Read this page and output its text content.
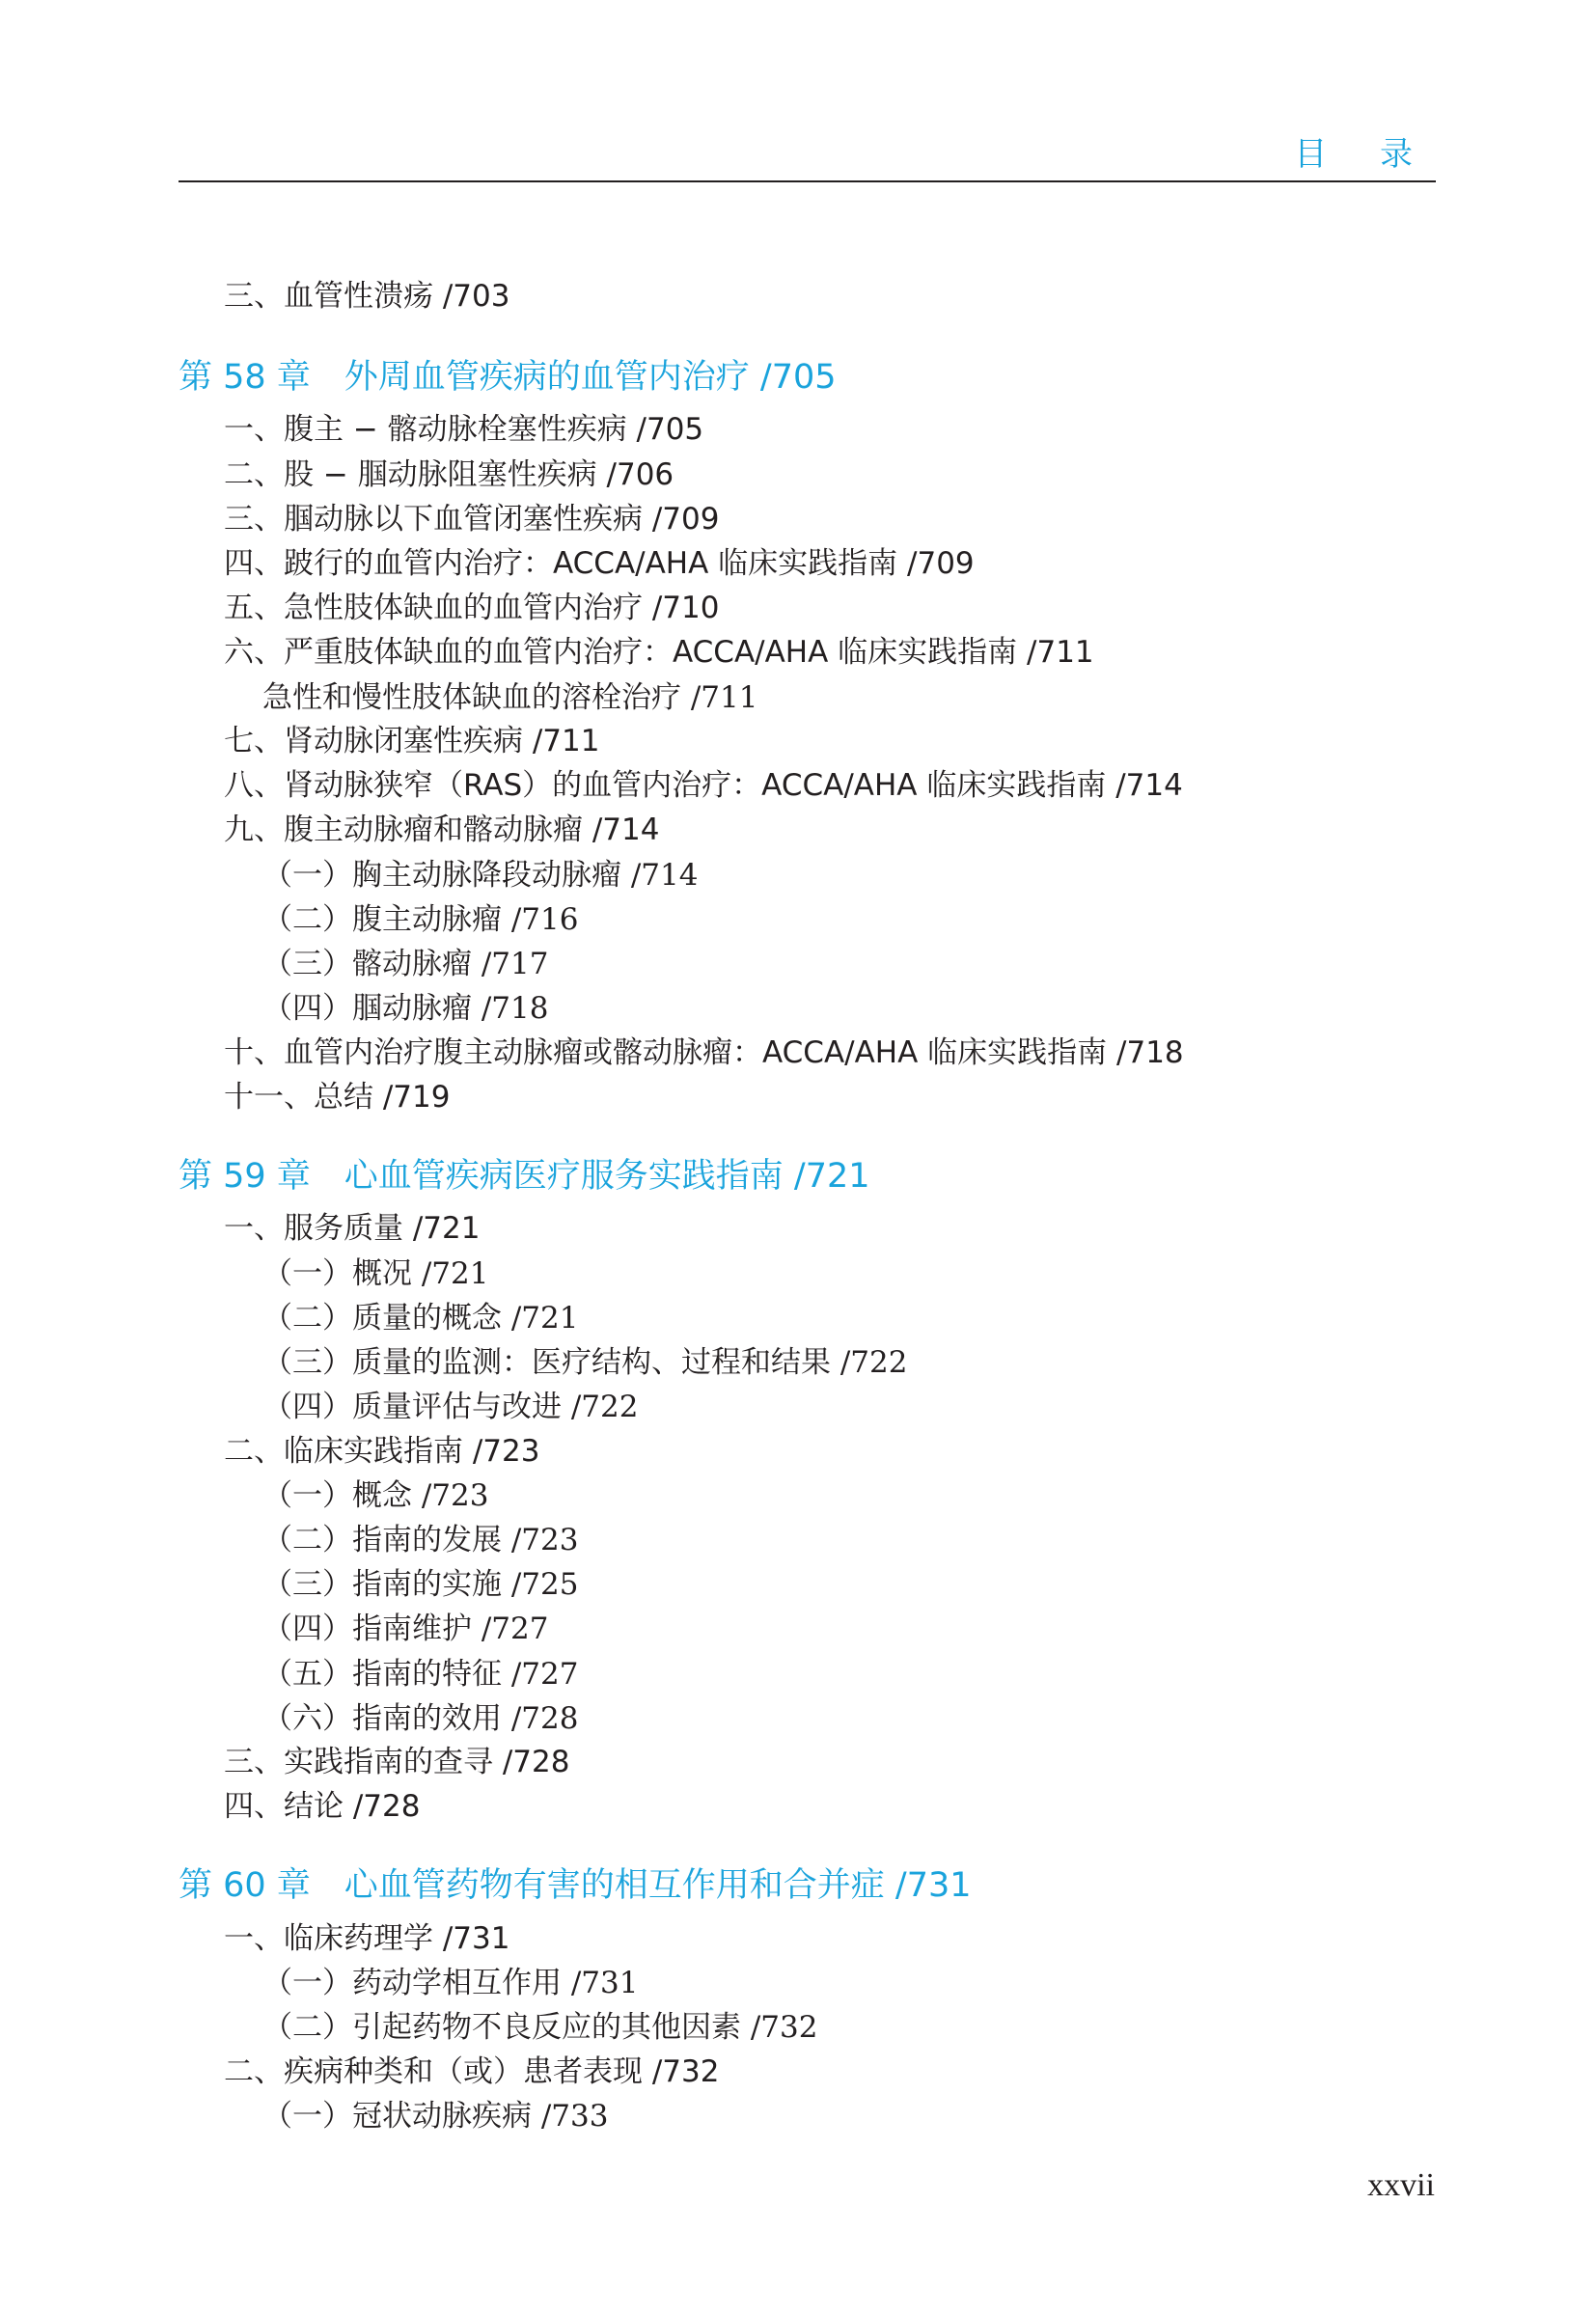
目 录
三、血管性溃疡 /703
第 58 章　外周血管疾病的血管内治疗 /705
一、腹主 − 髂动脉栓塞性疾病 /705
二、股 − 腘动脉阻塞性疾病 /706
三、腘动脉以下血管闭塞性疾病 /709
四、跛行的血管内治疗：ACCA/AHA 临床实践指南 /709
五、急性肢体缺血的血管内治疗 /710
六、严重肢体缺血的血管内治疗：ACCA/AHA 临床实践指南 /711
急性和慢性肢体缺血的溶栓治疗 /711
七、肾动脉闭塞性疾病 /711
八、肾动脉狭窄（RAS）的血管内治疗：ACCA/AHA 临床实践指南 /714
九、腹主动脉瘤和髂动脉瘤 /714
（一）胸主动脉降段动脉瘤 /714
（二）腹主动脉瘤 /716
（三）髂动脉瘤 /717
（四）腘动脉瘤 /718
十、血管内治疗腹主动脉瘤或髂动脉瘤：ACCA/AHA 临床实践指南 /718
十一、总结 /719
第 59 章　心血管疾病医疗服务实践指南 /721
一、服务质量 /721
（一）概况 /721
（二）质量的概念 /721
（三）质量的监测：医疗结构、过程和结果 /722
（四）质量评估与改进 /722
二、临床实践指南 /723
（一）概念 /723
（二）指南的发展 /723
（三）指南的实施 /725
（四）指南维护 /727
（五）指南的特征 /727
（六）指南的效用 /728
三、实践指南的查寻 /728
四、结论 /728
第 60 章　心血管药物有害的相互作用和合并症 /731
一、临床药理学 /731
（一）药动学相互作用 /731
（二）引起药物不良反应的其他因素 /732
二、疾病种类和（或）患者表现 /732
（一）冠状动脉疾病 /733
xxvii
